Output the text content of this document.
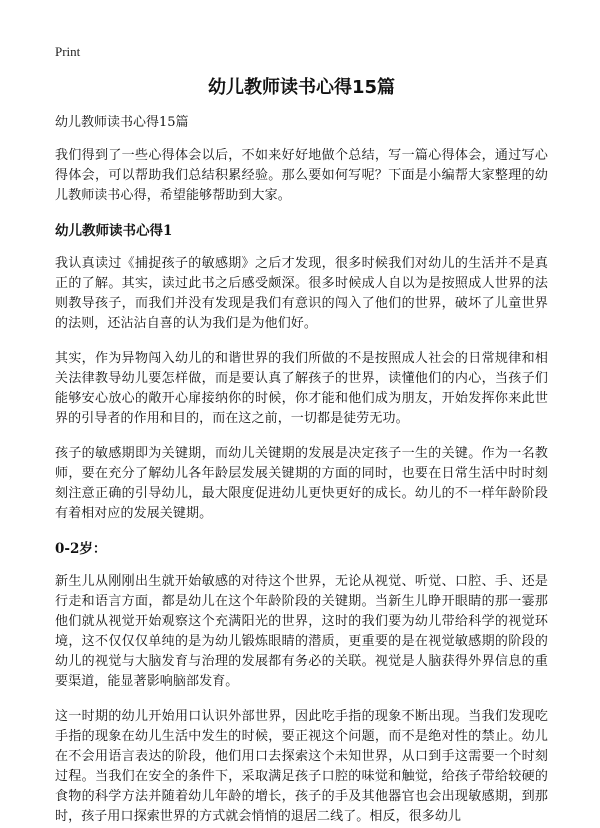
Print
幼儿教师读书心得15篇
幼儿教师读书心得15篇

我们得到了一些心得体会以后，不如来好好地做个总结，写一篇心得体会，通过写心得体会，可以帮助我们总结积累经验。那么要如何写呢？下面是小编帮大家整理的幼儿教师读书心得，希望能够帮助到大家。

幼儿教师读书心得1

我认真读过《捕捉孩子的敏感期》之后才发现，很多时候我们对幼儿的生活并不是真正的了解。其实，读过此书之后感受颇深。很多时候成人自以为是按照成人世界的法则教导孩子，而我们并没有发现是我们有意识的闯入了他们的世界，破坏了儿童世界的法则，还沾沾自喜的认为我们是为他们好。

其实，作为异物闯入幼儿的和谐世界的我们所做的不是按照成人社会的日常规律和相关法律教导幼儿要怎样做，而是要认真了解孩子的世界，读懂他们的内心，当孩子们能够安心放心的敞开心扉接纳你的时候，你才能和他们成为朋友，开始发挥你来此世界的引导者的作用和目的，而在这之前，一切都是徒劳无功。

孩子的敏感期即为关键期，而幼儿关键期的发展是决定孩子一生的关键。作为一名教师，要在充分了解幼儿各年龄层发展关键期的方面的同时，也要在日常生活中时时刻刻注意正确的引导幼儿，最大限度促进幼儿更快更好的成长。幼儿的不一样年龄阶段有着相对应的发展关键期。

0-2岁：

新生儿从刚刚出生就开始敏感的对待这个世界，无论从视觉、听觉、口腔、手、还是行走和语言方面，都是幼儿在这个年龄阶段的关键期。当新生儿睁开眼睛的那一霎那他们就从视觉开始观察这个充满阳光的世界，这时的我们要为幼儿带给科学的视觉环境，这不仅仅仅单纯的是为幼儿锻炼眼睛的潜质，更重要的是在视觉敏感期的阶段的幼儿的视觉与大脑发育与治理的发展都有务必的关联。视觉是人脑获得外界信息的重要渠道，能显著影响脑部发育。

这一时期的幼儿开始用口认识外部世界，因此吃手指的现象不断出现。当我们发现吃手指的现象在幼儿生活中发生的时候，要正视这个问题，而不是绝对性的禁止。幼儿在不会用语言表达的阶段，他们用口去探索这个未知世界，从口到手这需要一个时刻过程。当我们在安全的条件下，采取满足孩子口腔的味觉和触觉，给孩子带给较硬的食物的科学方法并随着幼儿年龄的增长，孩子的手及其他器官也会出现敏感期，到那时，孩子用口探索世界的方式就会悄悄的退居二线了。相反，很多幼儿
